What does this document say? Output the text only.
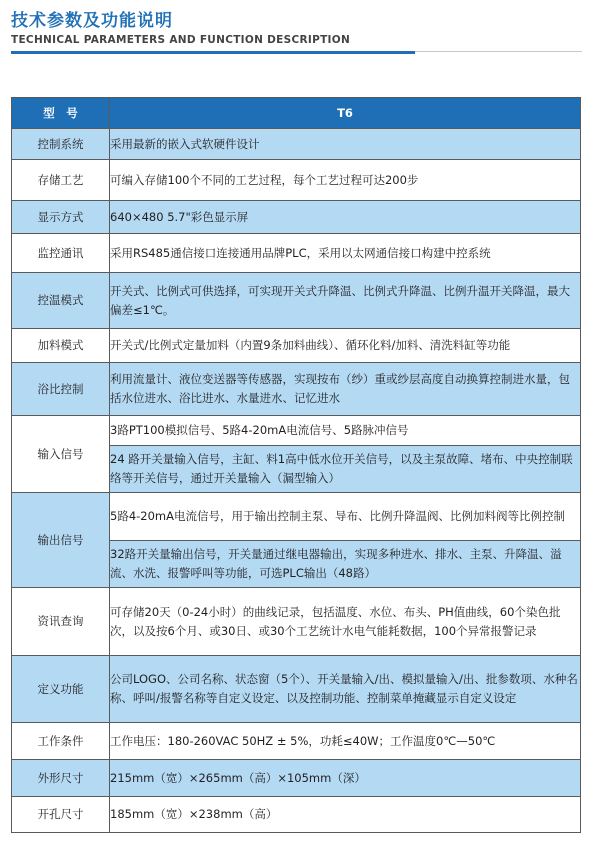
技术参数及功能说明
TECHNICAL PARAMETERS AND FUNCTION DESCRIPTION
型　号	T6
控制系统	采用最新的嵌入式软硬件设计
存储工艺	可编入存储100个不同的工艺过程，每个工艺过程可达200步
显示方式	640×480 5.7"彩色显示屏
监控通讯	采用RS485通信接口连接通用品牌PLC，采用以太网通信接口构建中控系统
控温模式	开关式、比例式可供选择，可实现开关式升降温、比例式升降温、比例升温开关降温，最大偏差≤1℃。
加料模式	开关式/比例式定量加料（内置9条加料曲线）、循环化料/加料、清洗料缸等功能
浴比控制	利用流量计、液位变送器等传感器，实现按布（纱）重或纱层高度自动换算控制进水量，包括水位进水、浴比进水、水量进水、记忆进水
输入信号	3路PT100模拟信号、5路4-20mA电流信号、5路脉冲信号
	24 路开关量输入信号，主缸、料1高中低水位开关信号，以及主泵故障、堵布、中央控制联络等开关信号，通过开关量输入（漏型输入）
输出信号	5路4-20mA电流信号，用于输出控制主泵、导布、比例升降温阀、比例加料阀等比例控制
	32路开关量输出信号，开关量通过继电器输出，实现多种进水、排水、主泵、升降温、溢流、水洗、报警呼叫等功能，可选PLC输出（48路）
资讯查询	可存储20天（0-24小时）的曲线记录，包括温度、水位、布头、PH值曲线，60个染色批次，以及按6个月、或30日、或30个工艺统计水电气能耗数据，100个异常报警记录
定义功能	公司LOGO、公司名称、状态窗（5个）、开关量输入/出、模拟量输入/出、批参数项、水种名称、呼叫/报警名称等自定义设定、以及控制功能、控制菜单掩藏显示自定义设定
工作条件	工作电压：180-260VAC 50HZ ± 5%，功耗≤40W；工作温度0℃—50℃
外形尺寸	215mm（宽）×265mm（高）×105mm（深）
开孔尺寸	185mm（宽）×238mm（高）
